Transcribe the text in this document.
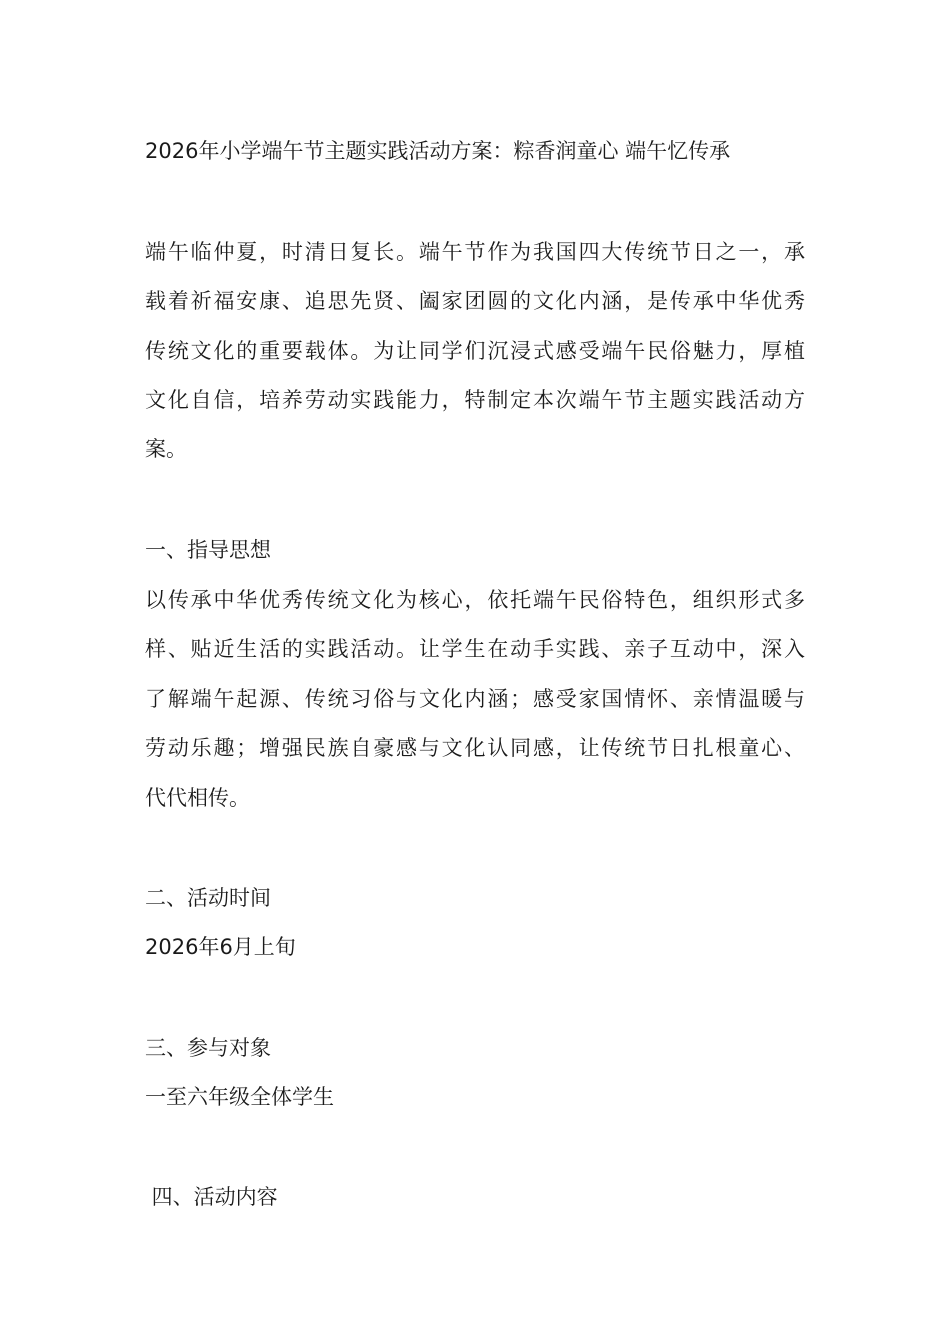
2026年小学端午节主题实践活动方案：粽香润童心 端午忆传承
端午临仲夏，时清日复长。端午节作为我国四大传统节日之一，承
载着祈福安康、追思先贤、阖家团圆的文化内涵，是传承中华优秀
传统文化的重要载体。为让同学们沉浸式感受端午民俗魅力，厚植
文化自信，培养劳动实践能力，特制定本次端午节主题实践活动方
案。
一、指导思想
以传承中华优秀传统文化为核心，依托端午民俗特色，组织形式多
样、贴近生活的实践活动。让学生在动手实践、亲子互动中，深入
了解端午起源、传统习俗与文化内涵；感受家国情怀、亲情温暖与
劳动乐趣；增强民族自豪感与文化认同感，让传统节日扎根童心、
代代相传。
二、活动时间
2026年6月上旬
三、参与对象
一至六年级全体学生
四、活动内容
